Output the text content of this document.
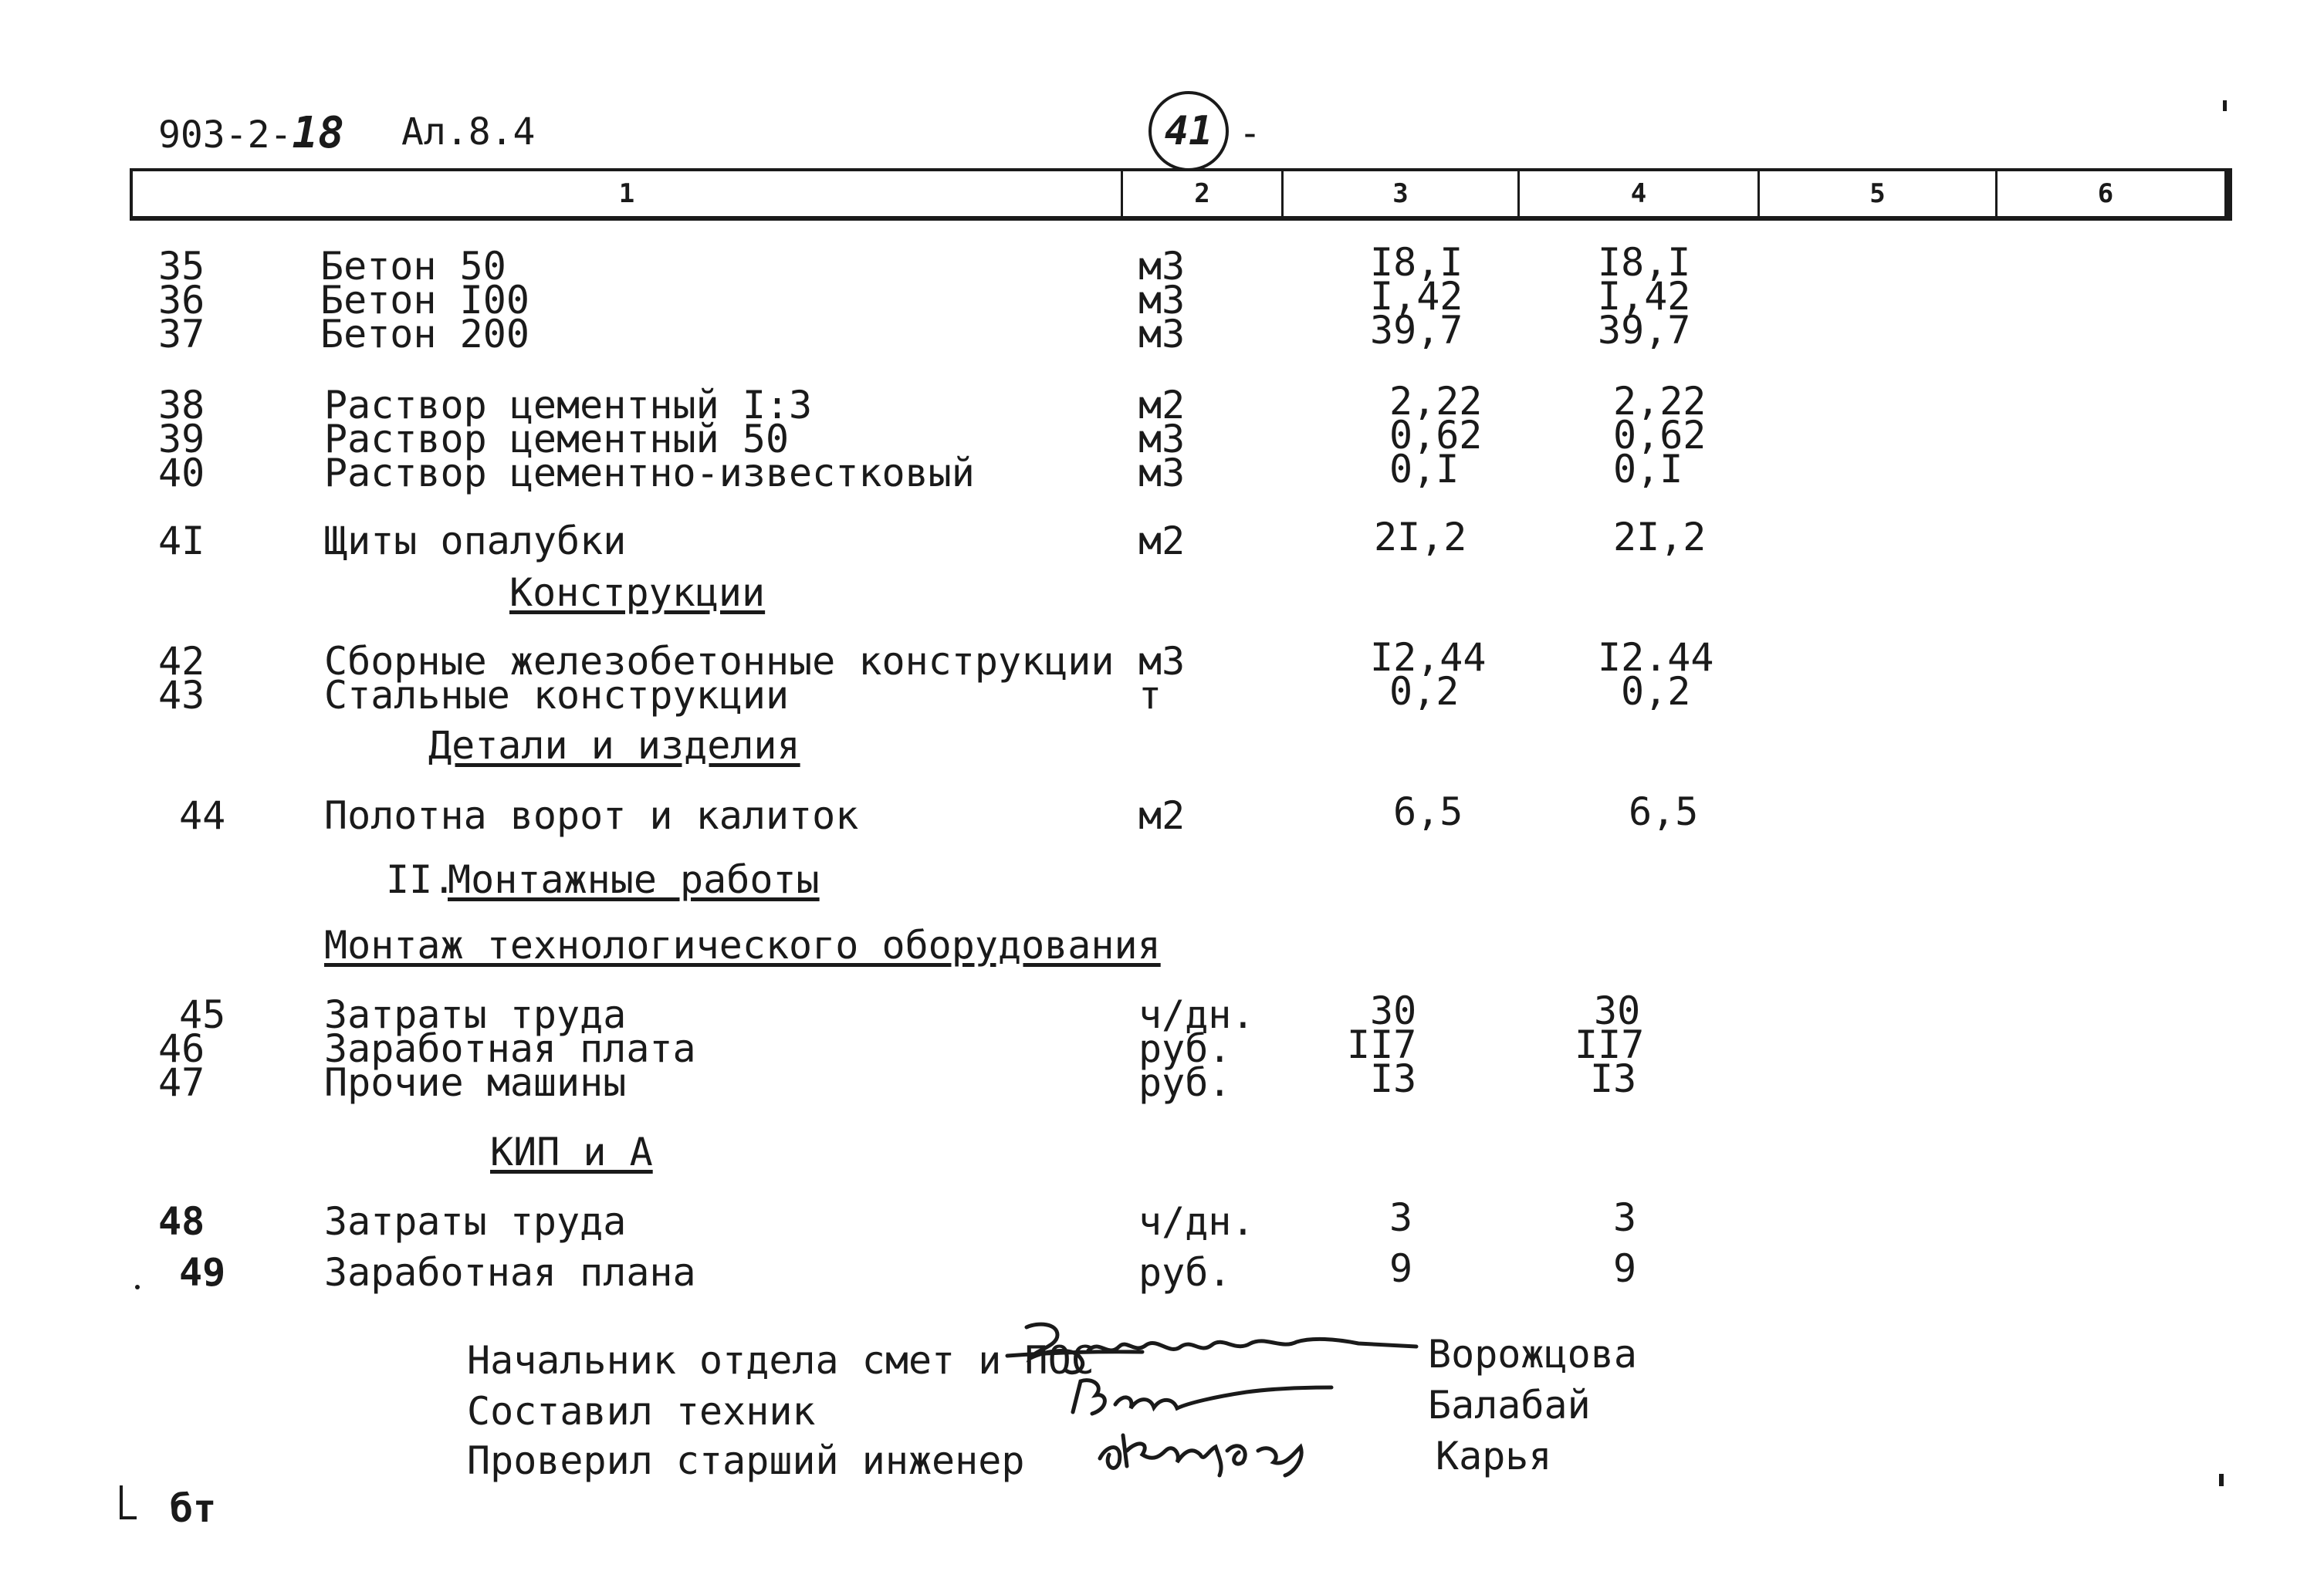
903-2-18 Ал.8.4	41 -
1	2	3	4	5	6
35	Бетон 50	м3	I8,I	I8,I
36	Бетон I00	м3	I,42	I,42
37	Бетон 200	м3	39,7	39,7
38	Раствор цементный I:3	м2	2,22	2,22
39	Раствор цементный 50	м3	0,62	0,62
40	Раствор цементно-известковый	м3	0,I	0,I
4I	Щиты опалубки	м2	2I,2	2I,2
Конструкции
42	Сборные железобетонные конструкции м3	I2,44	I2.44
43	Стальные конструкции	т	0,2	0,2
Детали и изделия
44	Полотна ворот и калиток	м2	6,5	6,5
II.
Монтажные работы
Монтаж технологического оборудования
45	Затраты труда	ч/дн.	30	30
46	Заработная плата	руб.	II7	II7
47	Прочие машины	руб.	I3	I3
КИП и А
48	Затраты труда	ч/дн.	3	3
49	Заработная плана	руб.	9	9
Начальник отдела смет и ПОС	Ворожцова
Составил техник	Балабай
Проверил старший инженер	Карья
бт
